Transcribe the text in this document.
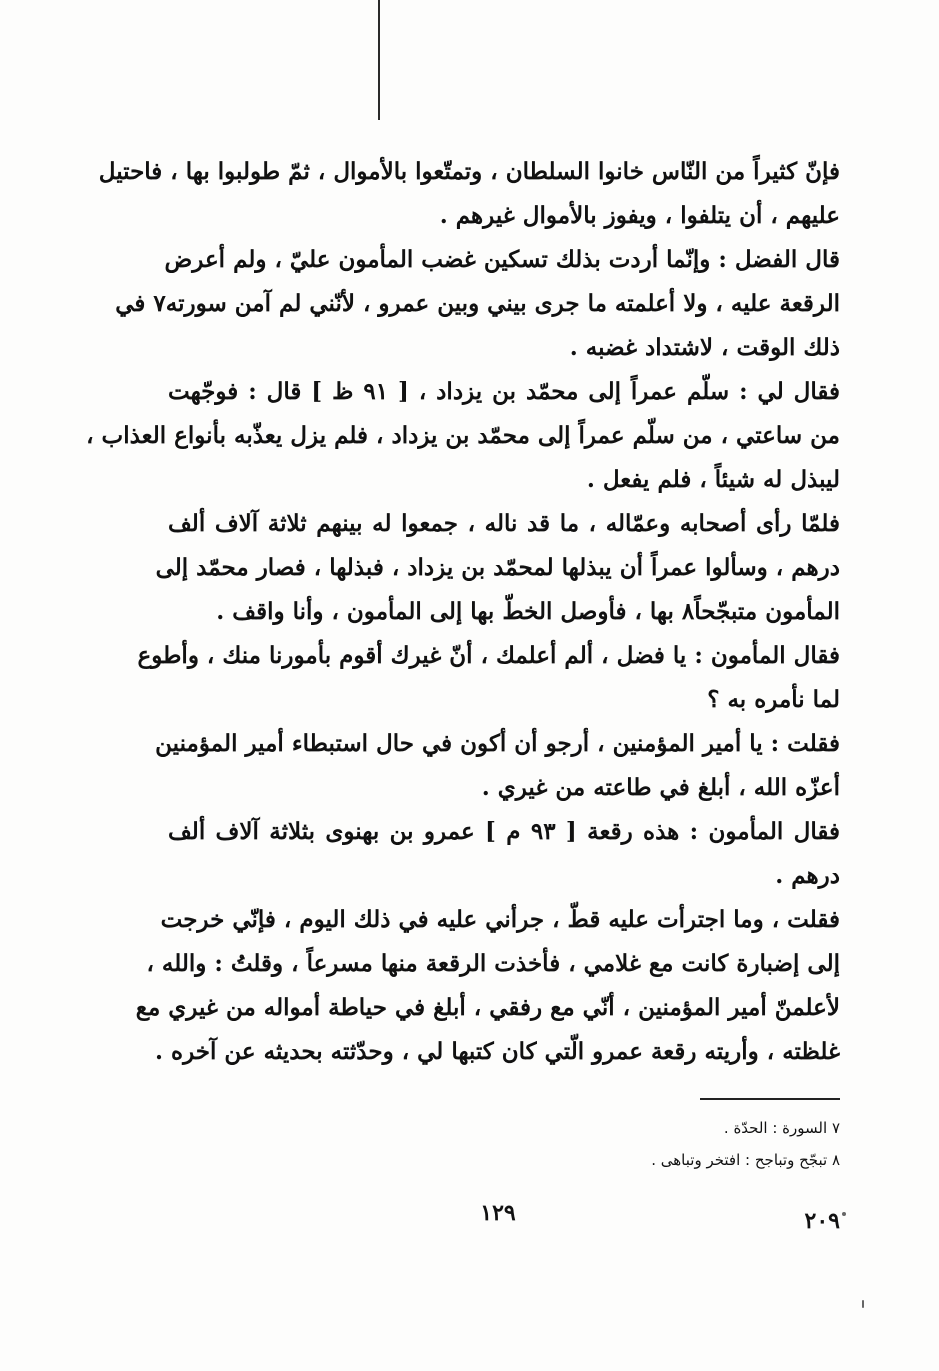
فإنّ كثيراً من النّاس خانوا السلطان ، وتمتّعوا بالأموال ، ثمّ طولبوا بها ، فاحتيل
عليهم ، أن يتلفوا ، ويفوز بالأموال غيرهم .
قال الفضل : وإنّما أردت بذلك تسكين غضب المأمون عليّ ، ولم أعرض
الرقعة عليه ، ولا أعلمته ما جرى بيني وبين عمرو ، لأنّني لم آمن سورته٧ في
ذلك الوقت ، لاشتداد غضبه .
فقال لي : سلّم عمراً إلى محمّد بن يزداد ، [ ٩١ ظ ] قال : فوجّهت
من ساعتي ، من سلّم عمراً إلى محمّد بن يزداد ، فلم يزل يعذّبه بأنواع العذاب ،
ليبذل له شيئاً ، فلم يفعل .
فلمّا رأى أصحابه وعمّاله ، ما قد ناله ، جمعوا له بينهم ثلاثة آلاف ألف
درهم ، وسألوا عمراً أن يبذلها لمحمّد بن يزداد ، فبذلها ، فصار محمّد إلى
المأمون متبجّحاً٨ بها ، فأوصل الخطّ بها إلى المأمون ، وأنا واقف .
فقال المأمون : يا فضل ، ألم أعلمك ، أنّ غيرك أقوم بأمورنا منك ، وأطوع
لما نأمره به ؟
فقلت : يا أمير المؤمنين ، أرجو أن أكون في حال استبطاء أمير المؤمنين
أعزّه الله ، أبلغ في طاعته من غيري .
فقال المأمون : هذه رقعة [ ٩٣ م ] عمرو بن بهنوى بثلاثة آلاف ألف
درهم .
فقلت ، وما اجترأت عليه قطّ ، جرأني عليه في ذلك اليوم ، فإنّي خرجت
إلى إضبارة كانت مع غلامي ، فأخذت الرقعة منها مسرعاً ، وقلتُ : والله ،
لأعلمنّ أمير المؤمنين ، أنّي مع رفقي ، أبلغ في حياطة أمواله من غيري مع
غلظته ، وأريته رقعة عمرو الّتي كان كتبها لي ، وحدّثته بحديثه عن آخره .
٧ السورة : الحدّة .
٨ تبجّح وتباجح : افتخر وتباهى .
١٢٩	٢٠٩
